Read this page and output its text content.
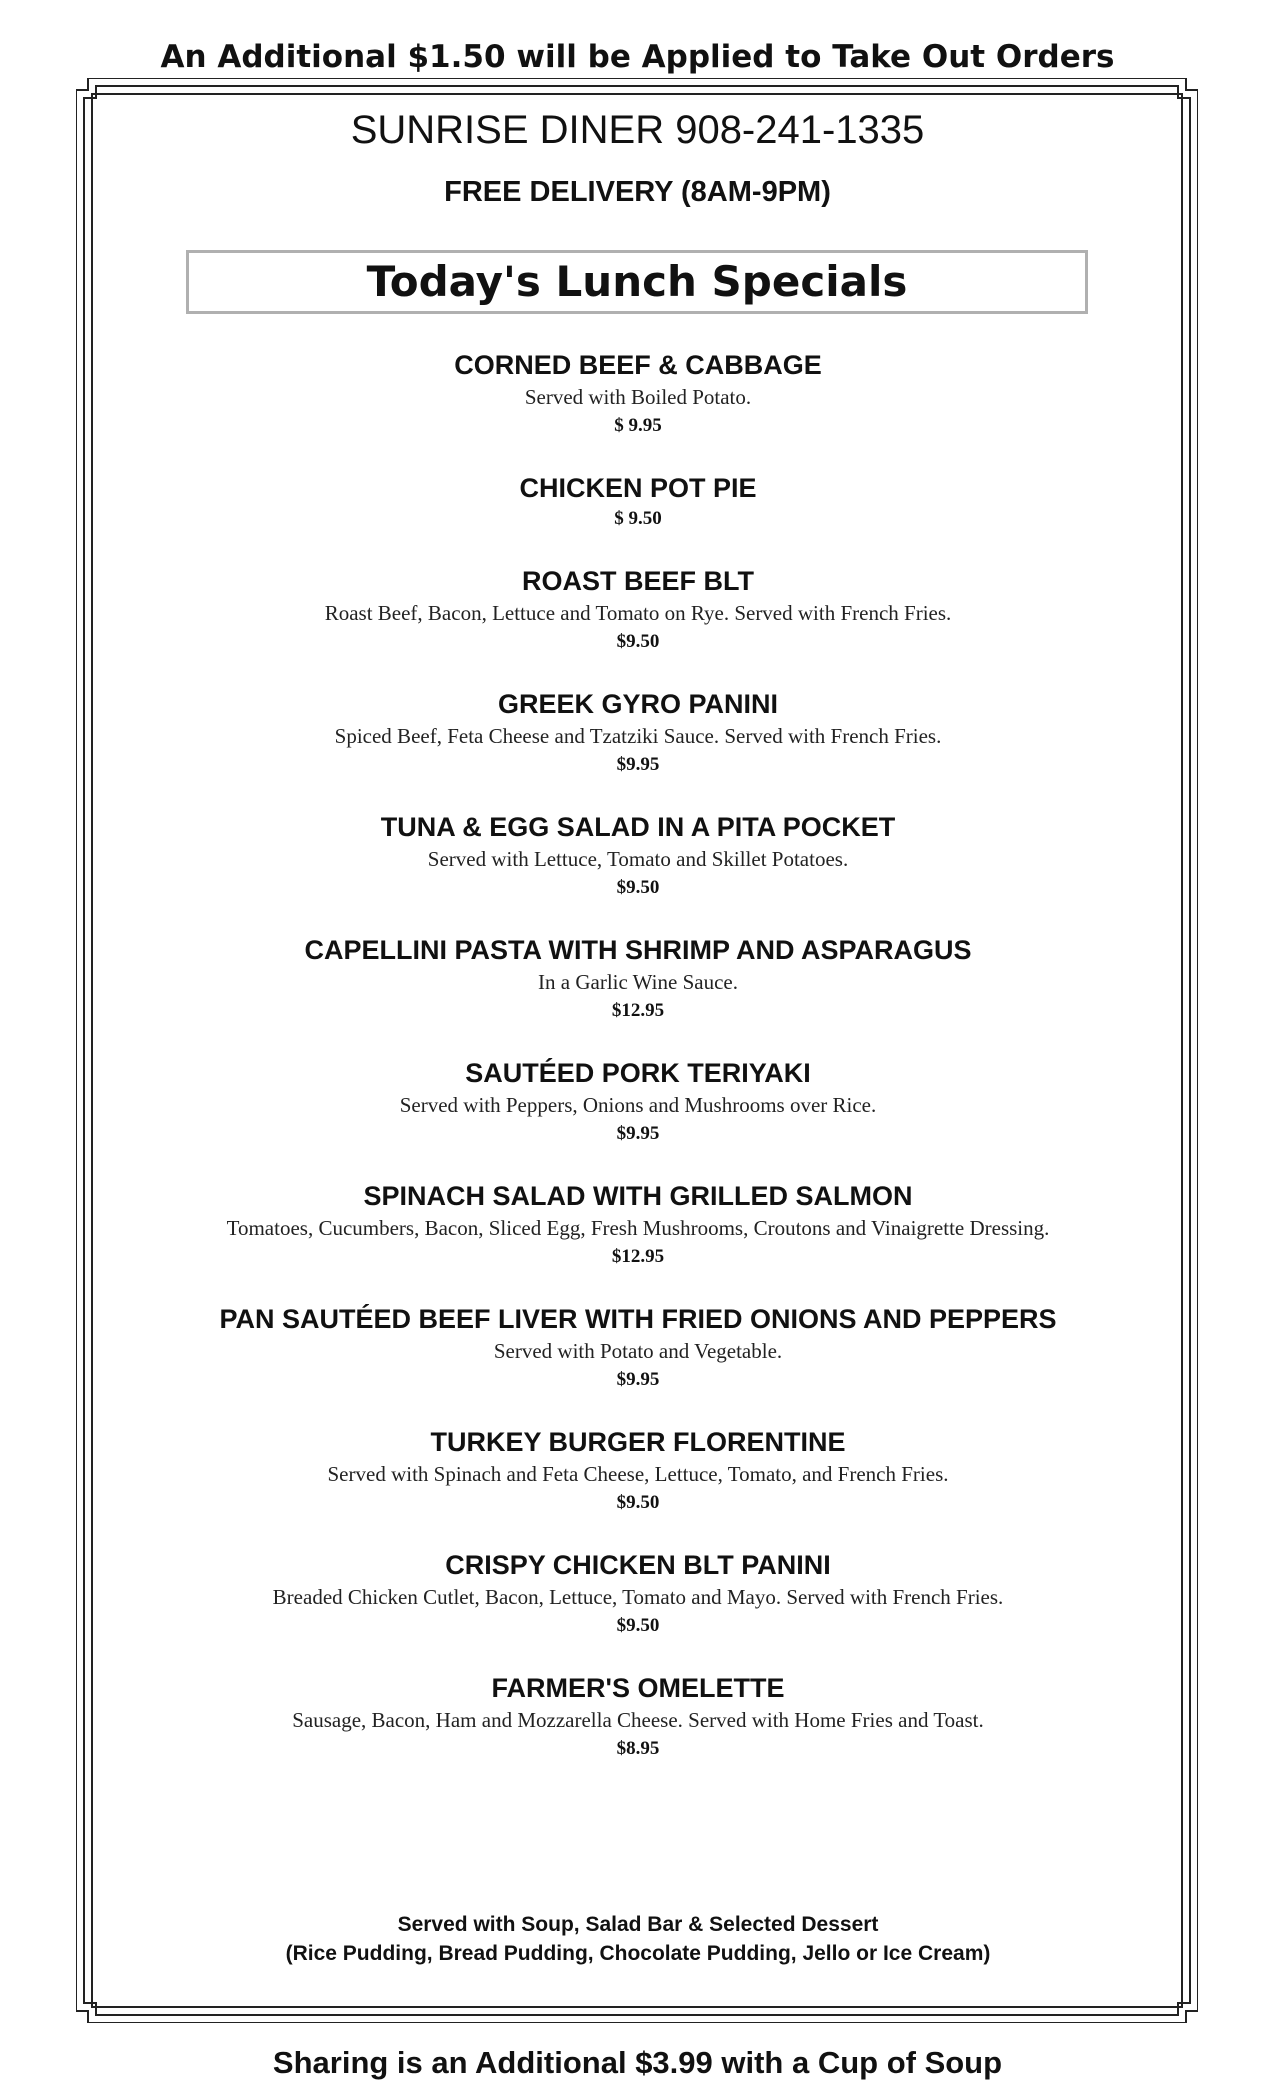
An Additional $1.50 will be Applied to Take Out Orders
SUNRISE DINER 908-241-1335
FREE DELIVERY (8AM-9PM)
Today's Lunch Specials
CORNED BEEF & CABBAGE
Served with Boiled Potato.
$ 9.95
CHICKEN POT PIE
$ 9.50
ROAST BEEF BLT
Roast Beef, Bacon, Lettuce and Tomato on Rye. Served with French Fries.
$9.50
GREEK GYRO PANINI
Spiced Beef, Feta Cheese and Tzatziki Sauce. Served with French Fries.
$9.95
TUNA & EGG SALAD IN A PITA POCKET
Served with Lettuce, Tomato and Skillet Potatoes.
$9.50
CAPELLINI PASTA WITH SHRIMP AND ASPARAGUS
In a Garlic Wine Sauce.
$12.95
SAUTÉED PORK TERIYAKI
Served with Peppers, Onions and Mushrooms over Rice.
$9.95
SPINACH SALAD WITH GRILLED SALMON
Tomatoes, Cucumbers, Bacon, Sliced Egg, Fresh Mushrooms, Croutons and Vinaigrette Dressing.
$12.95
PAN SAUTÉED BEEF LIVER WITH FRIED ONIONS AND PEPPERS
Served with Potato and Vegetable.
$9.95
TURKEY BURGER FLORENTINE
Served with Spinach and Feta Cheese, Lettuce, Tomato, and French Fries.
$9.50
CRISPY CHICKEN BLT PANINI
Breaded Chicken Cutlet, Bacon, Lettuce, Tomato and Mayo. Served with French Fries.
$9.50
FARMER'S OMELETTE
Sausage, Bacon, Ham and Mozzarella Cheese. Served with Home Fries and Toast.
$8.95
Served with Soup, Salad Bar & Selected Dessert
(Rice Pudding, Bread Pudding, Chocolate Pudding, Jello or Ice Cream)
Sharing is an Additional $3.99 with a Cup of Soup
